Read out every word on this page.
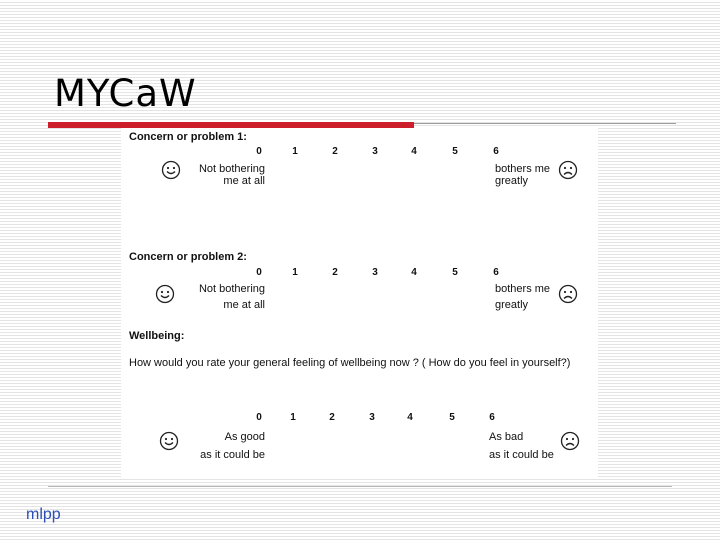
MYCaW
Concern or problem 1:
0	1	2	3	4	5	6
Not bothering
me at all
bothers me
greatly
Concern or problem 2:
0	1	2	3	4	5	6
Not bothering
me at all
bothers me
greatly
Wellbeing:
How would you rate your general feeling of wellbeing now ? ( How do you feel in yourself?)
0	1	2	3	4	5	6
As good
as it could be
As bad
as it could be
mlpp
